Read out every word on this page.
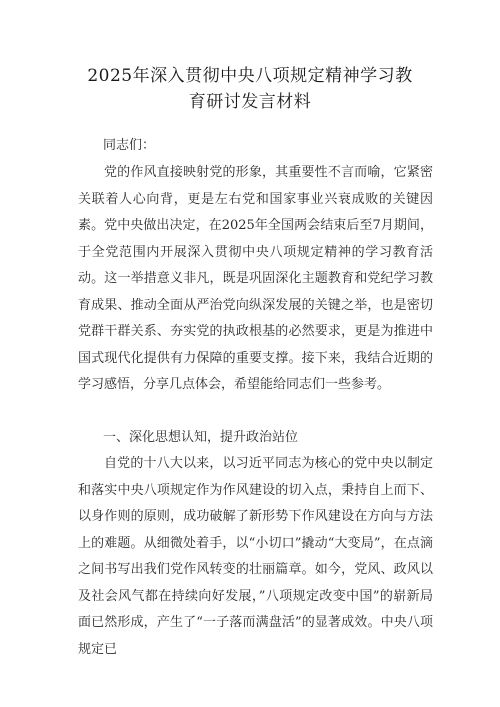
2025年深入贯彻中央八项规定精神学习教
育研讨发言材料
同志们：
党的作风直接映射党的形象，其重要性不言而喻，它紧密关联着人心向背，更是左右党和国家事业兴衰成败的关键因素。党中央做出决定，在2025年全国两会结束后至7月期间，于全党范围内开展深入贯彻中央八项规定精神的学习教育活动。这一举措意义非凡，既是巩固深化主题教育和党纪学习教育成果、推动全面从严治党向纵深发展的关键之举，也是密切党群干群关系、夯实党的执政根基的必然要求，更是为推进中国式现代化提供有力保障的重要支撑。接下来，我结合近期的学习感悟，分享几点体会，希望能给同志们一些参考。
一、深化思想认知，提升政治站位
自党的十八大以来，以习近平同志为核心的党中央以制定和落实中央八项规定作为作风建设的切入点，秉持自上而下、以身作则的原则，成功破解了新形势下作风建设在方向与方法上的难题。从细微处着手，以“小切口”撬动“大变局”，在点滴之间书写出我们党作风转变的壮丽篇章。如今，党风、政风以及社会风气都在持续向好发展，”八项规定改变中国”的崭新局面已然形成，产生了“一子落而满盘活”的显著成效。中央八项规定已
